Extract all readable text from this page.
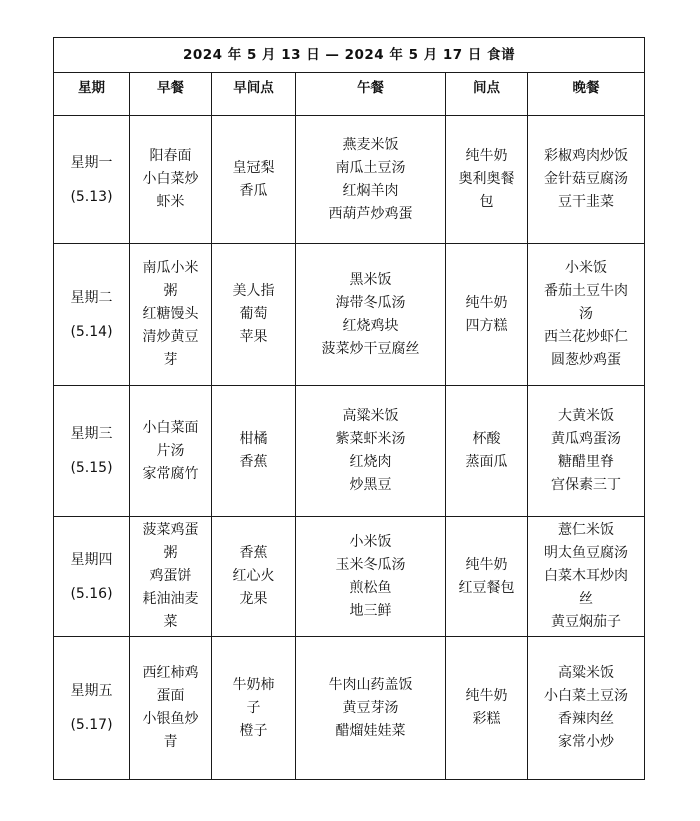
2024 年 5 月 13 日 — 2024 年 5 月 17 日 食谱					
星期	早餐	早间点	午餐	间点	晚餐

星期一
(5.13)	阳春面
小白菜炒
虾米	皇冠梨
香瓜	燕麦米饭
南瓜土豆汤
红焖羊肉
西葫芦炒鸡蛋	纯牛奶
奥利奥餐
包	彩椒鸡肉炒饭
金针菇豆腐汤
豆干韭菜

星期二
(5.14)	南瓜小米
粥
红糖馒头
清炒黄豆
芽	美人指
葡萄
苹果	黑米饭
海带冬瓜汤
红烧鸡块
菠菜炒干豆腐丝	纯牛奶
四方糕	小米饭
番茄土豆牛肉
汤
西兰花炒虾仁
圆葱炒鸡蛋

星期三
(5.15)	小白菜面
片汤
家常腐竹	柑橘
香蕉	高粱米饭
紫菜虾米汤
红烧肉
炒黑豆	杯酸
蒸面瓜	大黄米饭
黄瓜鸡蛋汤
糖醋里脊
宫保素三丁

星期四
(5.16)	菠菜鸡蛋
粥
鸡蛋饼
耗油油麦
菜	香蕉
红心火
龙果	小米饭
玉米冬瓜汤
煎松鱼
地三鲜	纯牛奶
红豆餐包	薏仁米饭
明太鱼豆腐汤
白菜木耳炒肉
丝
黄豆焖茄子

星期五
(5.17)	西红柿鸡
蛋面
小银鱼炒
青	牛奶柿
子
橙子	牛肉山药盖饭
黄豆芽汤
醋熘娃娃菜	纯牛奶
彩糕	高粱米饭
小白菜土豆汤
香辣肉丝
家常小炒
